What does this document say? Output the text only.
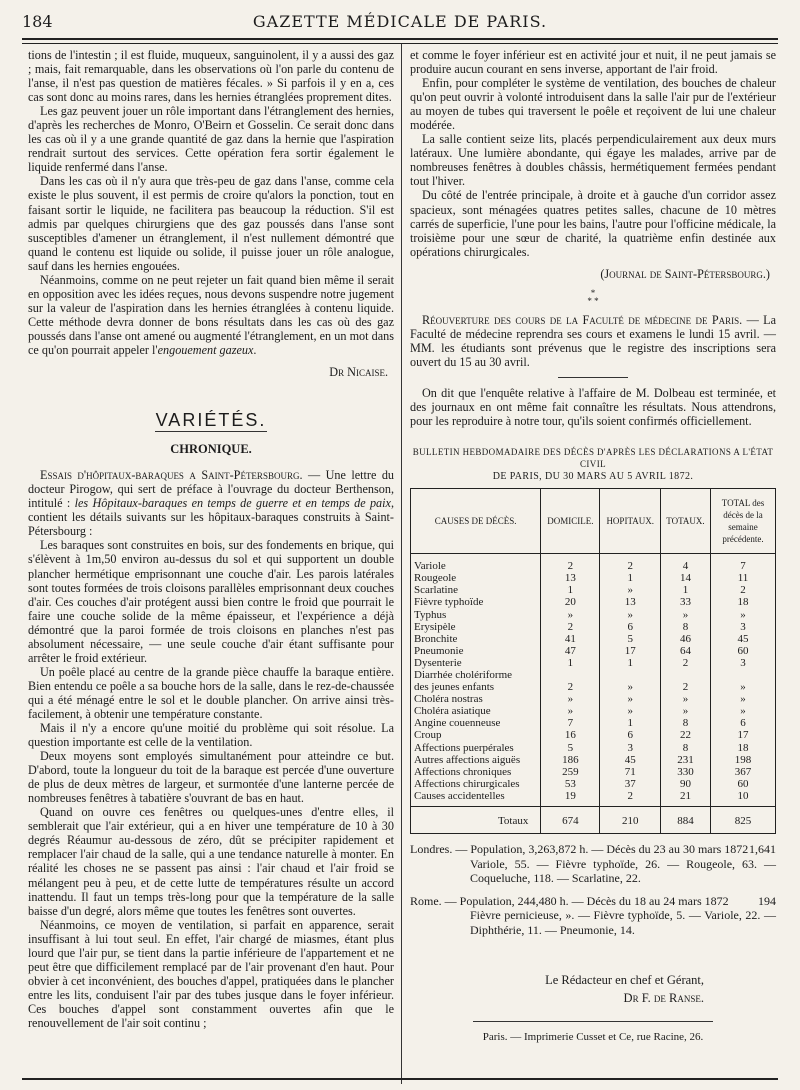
184	GAZETTE MÉDICALE DE PARIS.

tions de l'intestin ; il est fluide, muqueux, sanguinolent, il y a aussi des gaz ; mais, fait remarquable, dans les observations où l'on parle du contenu de l'anse, il n'est pas question de matières fécales. » Si parfois il y en a, ces cas sont donc au moins rares, dans les hernies étranglées proprement dites.

Les gaz peuvent jouer un rôle important dans l'étranglement des hernies, d'après les recherches de Monro, O'Beirn et Gosselin. Ce serait donc dans les cas où il y a une grande quantité de gaz dans la hernie que l'aspiration rendrait surtout des services. Cette opération fera sortir également le liquide renfermé dans l'anse.

Dans les cas où il n'y aura que très-peu de gaz dans l'anse, comme cela existe le plus souvent, il est permis de croire qu'alors la ponction, tout en faisant sortir le liquide, ne facilitera pas beaucoup la réduction. S'il est admis par quelques chirurgiens que des gaz poussés dans l'anse sont susceptibles d'amener un étranglement, il n'est nullement démontré que quand le contenu est liquide ou solide, il puisse jouer un rôle analogue, sauf dans les hernies engouées.

Néanmoins, comme on ne peut rejeter un fait quand bien même il serait en opposition avec les idées reçues, nous devons suspendre notre jugement sur la valeur de l'aspiration dans les hernies étranglées à contenu liquide. Cette méthode devra donner de bons résultats dans les cas où des gaz poussés dans l'anse ont amené ou augmenté l'étranglement, en un mot dans ce qu'on pourrait appeler l'engouement gazeux.

Dr Nicaise.
VARIÉTÉS.
CHRONIQUE.

Essais d'hôpitaux-baraques a Saint-Pétersbourg. — Une lettre du docteur Pirogow, qui sert de préface à l'ouvrage du docteur Berthenson, intitulé : les Hôpitaux-baraques en temps de guerre et en temps de paix, contient les détails suivants sur les hôpitaux-baraques construits à Saint-Pétersbourg :

Les baraques sont construites en bois, sur des fondements en brique, qui s'élèvent à 1m,50 environ au-dessus du sol et qui supportent un double plancher hermétique emprisonnant une couche d'air. Les parois latérales sont toutes formées de trois cloisons parallèles emprisonnant deux couches d'air. Ces couches d'air protégent aussi bien contre le froid que pourrait le faire une couche solide de la même épaisseur, et l'expérience a déjà démontré que la paroi formée de trois cloisons en planches n'est pas absolument nécessaire, — une seule couche d'air étant suffisante pour arrêter le froid extérieur.

Un poêle placé au centre de la grande pièce chauffe la baraque entière. Bien entendu ce poêle a sa bouche hors de la salle, dans le rez-de-chaussée qui a été ménagé entre le sol et le double plancher. On arrive ainsi très-facilement, à obtenir une température constante.

Mais il n'y a encore qu'une moitié du problème qui soit résolue. La question importante est celle de la ventilation.

Deux moyens sont employés simultanément pour atteindre ce but. D'abord, toute la longueur du toit de la baraque est percée d'une ouverture de plus de deux mètres de largeur, et surmontée d'une lanterne percée de nombreuses fenêtres à tabatière s'ouvrant de bas en haut.

Quand on ouvre ces fenêtres ou quelques-unes d'entre elles, il semblerait que l'air extérieur, qui a en hiver une température de 10 à 30 degrés Réaumur au-dessous de zéro, dût se précipiter rapidement et remplacer l'air chaud de la salle, qui a une tendance naturelle à monter. En réalité les choses ne se passent pas ainsi : l'air chaud et l'air froid se mélangent peu à peu, et de cette lutte de températures résulte un accord inattendu. Il faut un temps très-long pour que la température de la salle baisse d'un degré, alors même que toutes les fenêtres sont ouvertes.

Néanmoins, ce moyen de ventilation, si parfait en apparence, serait insuffisant à lui tout seul. En effet, l'air chargé de miasmes, étant plus lourd que l'air pur, se tient dans la partie inférieure de l'appartement et ne peut être que difficilement remplacé par de l'air provenant d'en haut. Pour obvier à cet inconvénient, des bouches d'appel, pratiquées dans le plancher entre les lits, conduisent l'air par des tubes jusque dans le foyer inférieur. Ces bouches d'appel sont constamment ouvertes afin que le renouvellement de l'air soit continu ;

et comme le foyer inférieur est en activité jour et nuit, il ne peut jamais se produire aucun courant en sens inverse, apportant de l'air froid.

Enfin, pour compléter le système de ventilation, des bouches de chaleur qu'on peut ouvrir à volonté introduisent dans la salle l'air pur de l'extérieur au moyen de tubes qui traversent le poêle et reçoivent de lui une chaleur modérée.

La salle contient seize lits, placés perpendiculairement aux deux murs latéraux. Une lumière abondante, qui égaye les malades, arrive par de nombreuses fenêtres à doubles châssis, hermétiquement fermées pendant tout l'hiver.

Du côté de l'entrée principale, à droite et à gauche d'un corridor assez spacieux, sont ménagées quatres petites salles, chacune de 10 mètres carrés de superficie, l'une pour les bains, l'autre pour l'officine médicale, la troisième pour une sœur de charité, la quatrième enfin destinée aux opérations chirurgicales.

(Journal de Saint-Pétersbourg.)
*
* *

Réouverture des cours de la Faculté de médecine de Paris. — La Faculté de médecine reprendra ses cours et examens le lundi 15 avril. — MM. les étudiants sont prévenus que le registre des inscriptions sera ouvert du 15 au 30 avril.

On dit que l'enquête relative à l'affaire de M. Dolbeau est terminée, et des journaux en ont même fait connaître les résultats. Nous attendrons, pour les reproduire à notre tour, qu'ils soient confirmés officiellement.

BULLETIN HEBDOMADAIRE DES DÉCÈS D'APRÈS LES DÉCLARATIONS A L'ÉTAT CIVIL
DE PARIS, DU 30 MARS AU 5 AVRIL 1872.
CAUSES DE DÉCÈS.	DOMICILE.	HOPITAUX.	TOTAUX.	TOTAL des décès de la semaine précédente.
Variole	2	2	4	7
Rougeole	13	1	14	11
Scarlatine	1	»	1	2
Fièvre typhoïde	20	13	33	18
Typhus	»	»	»	»
Erysipèle	2	6	8	3
Bronchite	41	5	46	45
Pneumonie	47	17	64	60
Dysenterie	1	1	2	3
Diarrhée cholériforme				
des jeunes enfants	2	»	2	»
Choléra nostras	»	»	»	»
Choléra asiatique	»	»	»	»
Angine couenneuse	7	1	8	6
Croup	16	6	22	17
Affections puerpérales	5	3	8	18
Autres affections aiguës	186	45	231	198
Affections chroniques	259	71	330	367
Affections chirurgicales	53	37	90	60
Causes accidentelles	19	2	21	10
Totaux	674	210	884	825
Londres. — Population, 3,263,872 h. — Décès du 23 au 30 mars 1872 1,641
Variole, 55. — Fièvre typhoïde, 26. — Rougeole, 63. — Coqueluche, 118. — Scarlatine, 22.
Rome. — Population, 244,480 h. — Décès du 18 au 24 mars 1872 194
Fièvre pernicieuse, ». — Fièvre typhoïde, 5. — Variole, 22. — Diphthérie, 11. — Pneumonie, 14.
Le Rédacteur en chef et Gérant,
Dr F. de Ranse.
Paris. — Imprimerie Cusset et Ce, rue Racine, 26.
